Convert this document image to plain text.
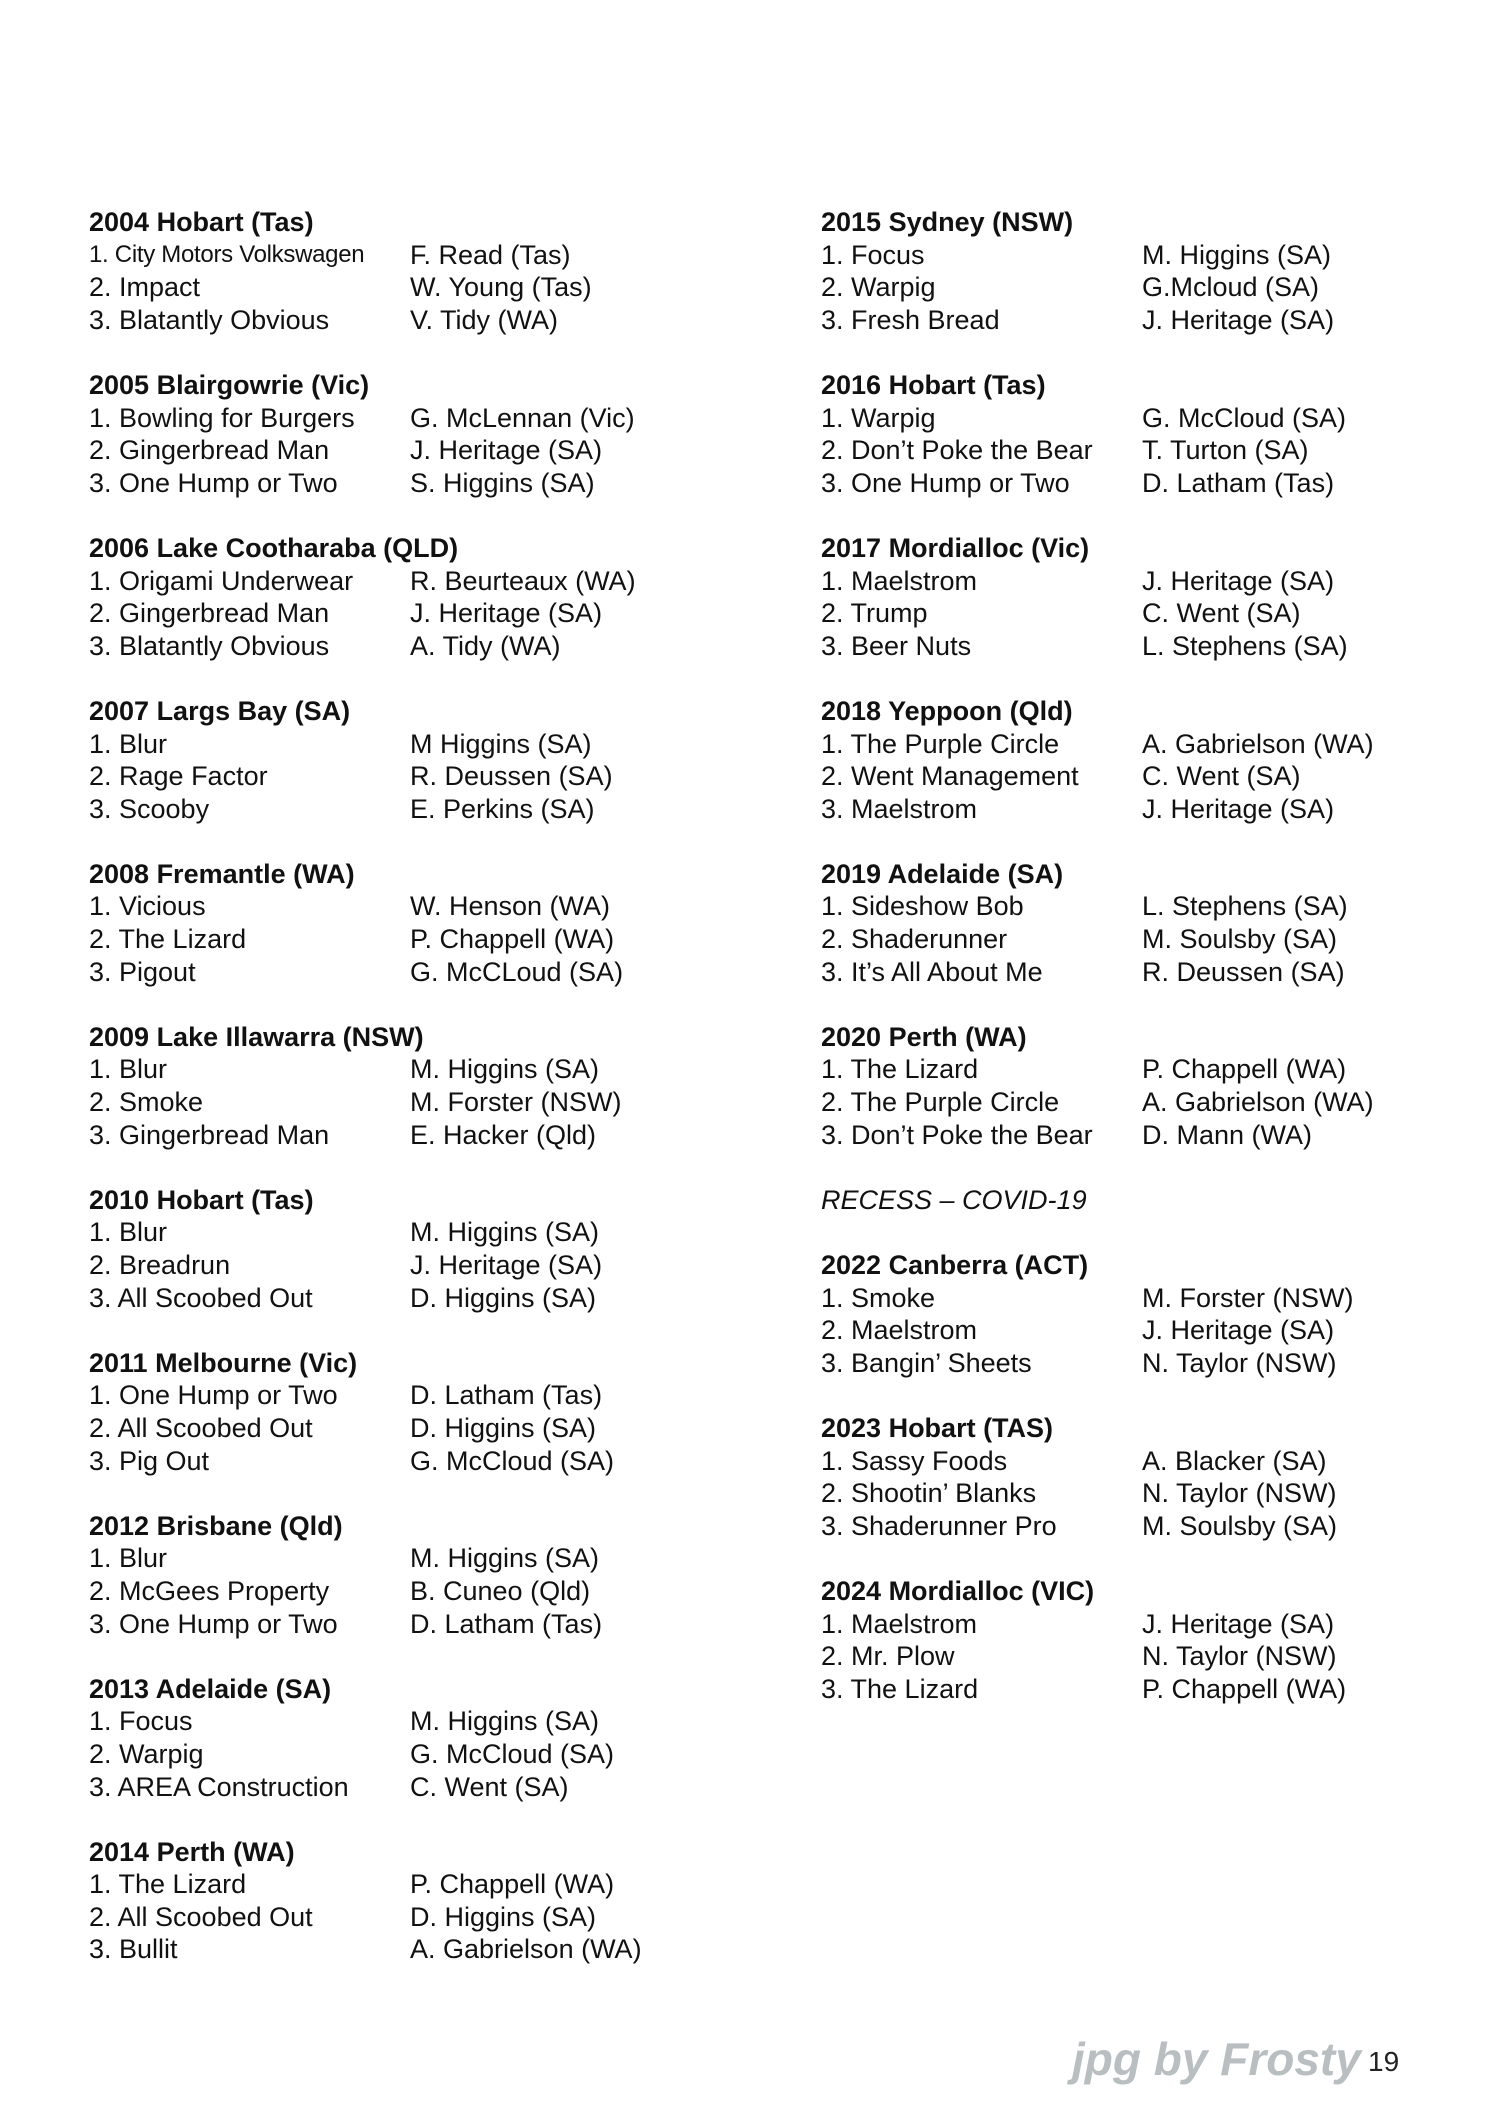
2004 Hobart (Tas)
1. City Motors Volkswagen F. Read (Tas)
2. Impact	W. Young (Tas)
3. Blatantly Obvious	V. Tidy (WA)
2005 Blairgowrie (Vic)
1. Bowling for Burgers G. McLennan (Vic)
2. Gingerbread Man	J. Heritage (SA)
3. One Hump or Two	S. Higgins (SA)
2006 Lake Cootharaba (QLD)
1. Origami Underwear R. Beurteaux (WA)
2. Gingerbread Man	J. Heritage (SA)
3. Blatantly Obvious	A. Tidy (WA)
2007 Largs Bay (SA)
1. Blur	M Higgins (SA)
2. Rage Factor	R. Deussen (SA)
3. Scooby	E. Perkins (SA)
2008 Fremantle (WA)
1. Vicious	W. Henson (WA)
2. The Lizard	P. Chappell (WA)
3. Pigout	G. McCLoud (SA)
2009 Lake Illawarra (NSW)
1. Blur	M. Higgins (SA)
2. Smoke	M. Forster (NSW)
3. Gingerbread Man	E. Hacker (Qld)
2010 Hobart (Tas)
1. Blur	M. Higgins (SA)
2. Breadrun	J. Heritage (SA)
3. All Scoobed Out	D. Higgins (SA)
2011 Melbourne (Vic)
1. One Hump or Two	D. Latham (Tas)
2. All Scoobed Out	D. Higgins (SA)
3. Pig Out	G. McCloud (SA)
2012 Brisbane (Qld)
1. Blur	M. Higgins (SA)
2. McGees Property	B. Cuneo (Qld)
3. One Hump or Two	D. Latham (Tas)
2013 Adelaide (SA)
1. Focus	M. Higgins (SA)
2. Warpig	G. McCloud (SA)
3. AREA Construction C. Went (SA)
2014 Perth (WA)
1. The Lizard	P. Chappell (WA)
2. All Scoobed Out	D. Higgins (SA)
3. Bullit	A. Gabrielson (WA)
2015 Sydney (NSW)
1. Focus	M. Higgins (SA)
2. Warpig	G.Mcloud (SA)
3. Fresh Bread	J. Heritage (SA)
2016 Hobart (Tas)
1. Warpig	G. McCloud (SA)
2. Don’t Poke the Bear T. Turton (SA)
3. One Hump or Two	D. Latham (Tas)
2017 Mordialloc (Vic)
1. Maelstrom	J. Heritage (SA)
2. Trump	C. Went (SA)
3. Beer Nuts	L. Stephens (SA)
2018 Yeppoon (Qld)
1. The Purple Circle	A. Gabrielson (WA)
2. Went Management C. Went (SA)
3. Maelstrom	J. Heritage (SA)
2019 Adelaide (SA)
1. Sideshow Bob	L. Stephens (SA)
2. Shaderunner	M. Soulsby (SA)
3. It’s All About Me	R. Deussen (SA)
2020 Perth (WA)
1. The Lizard	P. Chappell (WA)
2. The Purple Circle	A. Gabrielson (WA)
3. Don’t Poke the Bear D. Mann (WA)
RECESS – COVID-19
2022 Canberra (ACT)
1. Smoke	M. Forster (NSW)
2. Maelstrom	J. Heritage (SA)
3. Bangin’ Sheets	N. Taylor (NSW)
2023 Hobart (TAS)
1. Sassy Foods	A. Blacker (SA)
2. Shootin’ Blanks	N. Taylor (NSW)
3. Shaderunner Pro	M. Soulsby (SA)
2024 Mordialloc (VIC)
1. Maelstrom	J. Heritage (SA)
2. Mr. Plow	N. Taylor (NSW)
3. The Lizard	P. Chappell (WA)
jpg by Frosty 19
